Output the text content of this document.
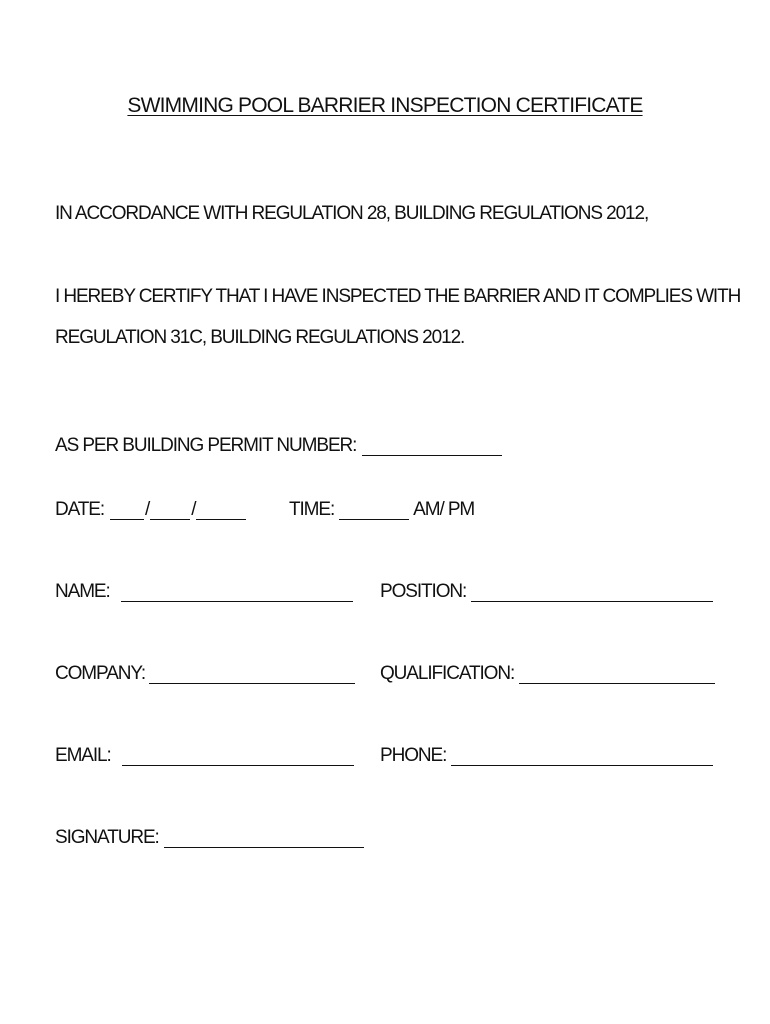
SWIMMING POOL BARRIER INSPECTION CERTIFICATE
IN ACCORDANCE WITH REGULATION 28, BUILDING REGULATIONS 2012,
I HEREBY CERTIFY THAT I HAVE INSPECTED THE BARRIER AND IT COMPLIES WITH
REGULATION 31C, BUILDING REGULATIONS 2012.
AS PER BUILDING PERMIT NUMBER:
DATE: / /	TIME:	AM/ PM
NAME:	POSITION:
COMPANY:	QUALIFICATION:
EMAIL:	PHONE:
SIGNATURE:
